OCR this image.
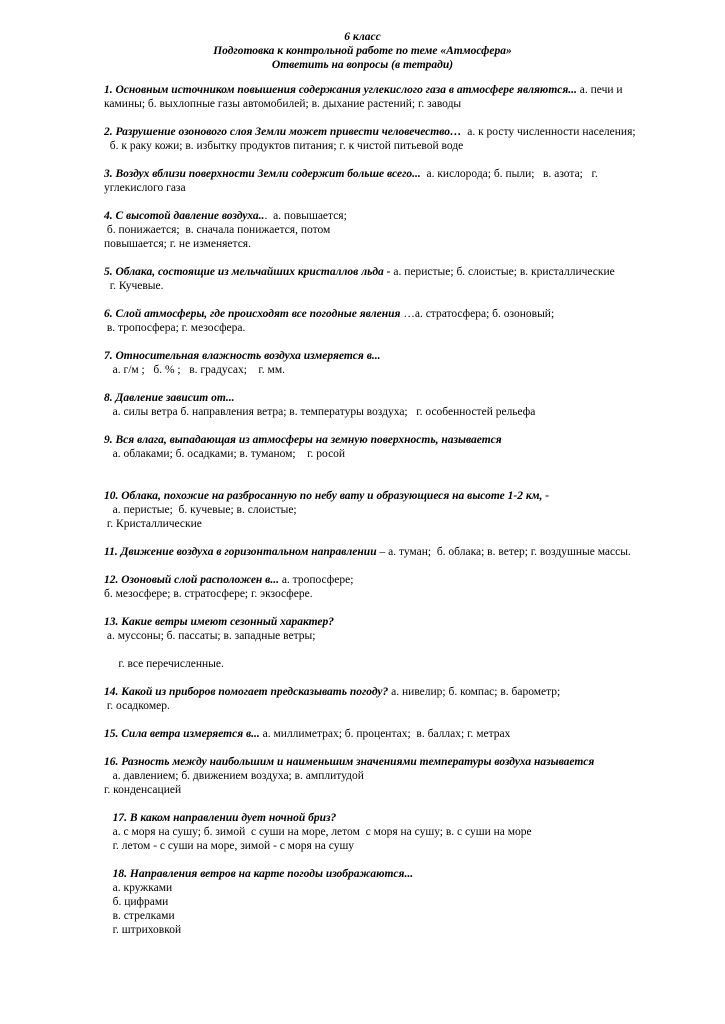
6 класс
Подготовка к контрольной работе по теме «Атмосфера»
Ответить на вопросы (в тетради)
1. Основным источником повышения содержания углекислого газа в атмосфере являются... а. печи и
камины; б. выхлопные газы автомобилей; в. дыхание растений; г. заводы
2. Разрушение озонового слоя Земли может привести человечество…  а. к росту численности населения;
б. к раку кожи; в. избытку продуктов питания; г. к чистой питьевой воде
3. Воздух вблизи поверхности Земли содержит больше всего...  а. кислорода; б. пыли;   в. азота;   г.
углекислого газа
4. С высотой давление воздуха...  а. повышается;
б. понижается;  в. сначала понижается, потом
повышается; г. не изменяется.
5. Облака, состоящие из мельчайших кристаллов льда - а. перистые; б. слоистые; в. кристаллические
г. Кучевые.
6. Слой атмосферы, где происходят все погодные явления …а. стратосфера; б. озоновый;
в. тропосфера; г. мезосфера.
7. Относительная влажность воздуха измеряется в...
а. г/м ;   б. % ;   в. градусах;    г. мм.
8. Давление зависит от...
а. силы ветра б. направления ветра; в. температуры воздуха;   г. особенностей рельефа
9. Вся влага, выпадающая из атмосферы на земную поверхность, называется
а. облаками; б. осадками; в. туманом;    г. росой
10. Облака, похожие на разбросанную по небу вату и образующиеся на высоте 1-2 км, -
а. перистые;  б. кучевые; в. слоистые;
г. Кристаллические
11. Движение воздуха в горизонтальном направлении – а. туман;  б. облака; в. ветер; г. воздушные массы.
12. Озоновый слой расположен в... а. тропосфере;
б. мезосфере; в. стратосфере; г. экзосфере.
13. Какие ветры имеют сезонный характер?
а. муссоны; б. пассаты; в. западные ветры;
г. все перечисленные.
14. Какой из приборов помогает предсказывать погоду? а. нивелир; б. компас; в. барометр;
г. осадкомер.
15. Сила ветра измеряется в... а. миллиметрах; б. процентах;  в. баллах; г. метрах
16. Разность между наибольшим и наименьшим значениями температуры воздуха называется
а. давлением; б. движением воздуха; в. амплитудой
г. конденсацией
17. В каком направлении дует ночной бриз?
а. с моря на сушу; б. зимой  с суши на море, летом  с моря на сушу; в. с суши на море
г. летом - с суши на море, зимой - с моря на сушу
18. Направления ветров на карте погоды изображаются...
а. кружками
б. цифрами
в. стрелками
г. штриховкой
